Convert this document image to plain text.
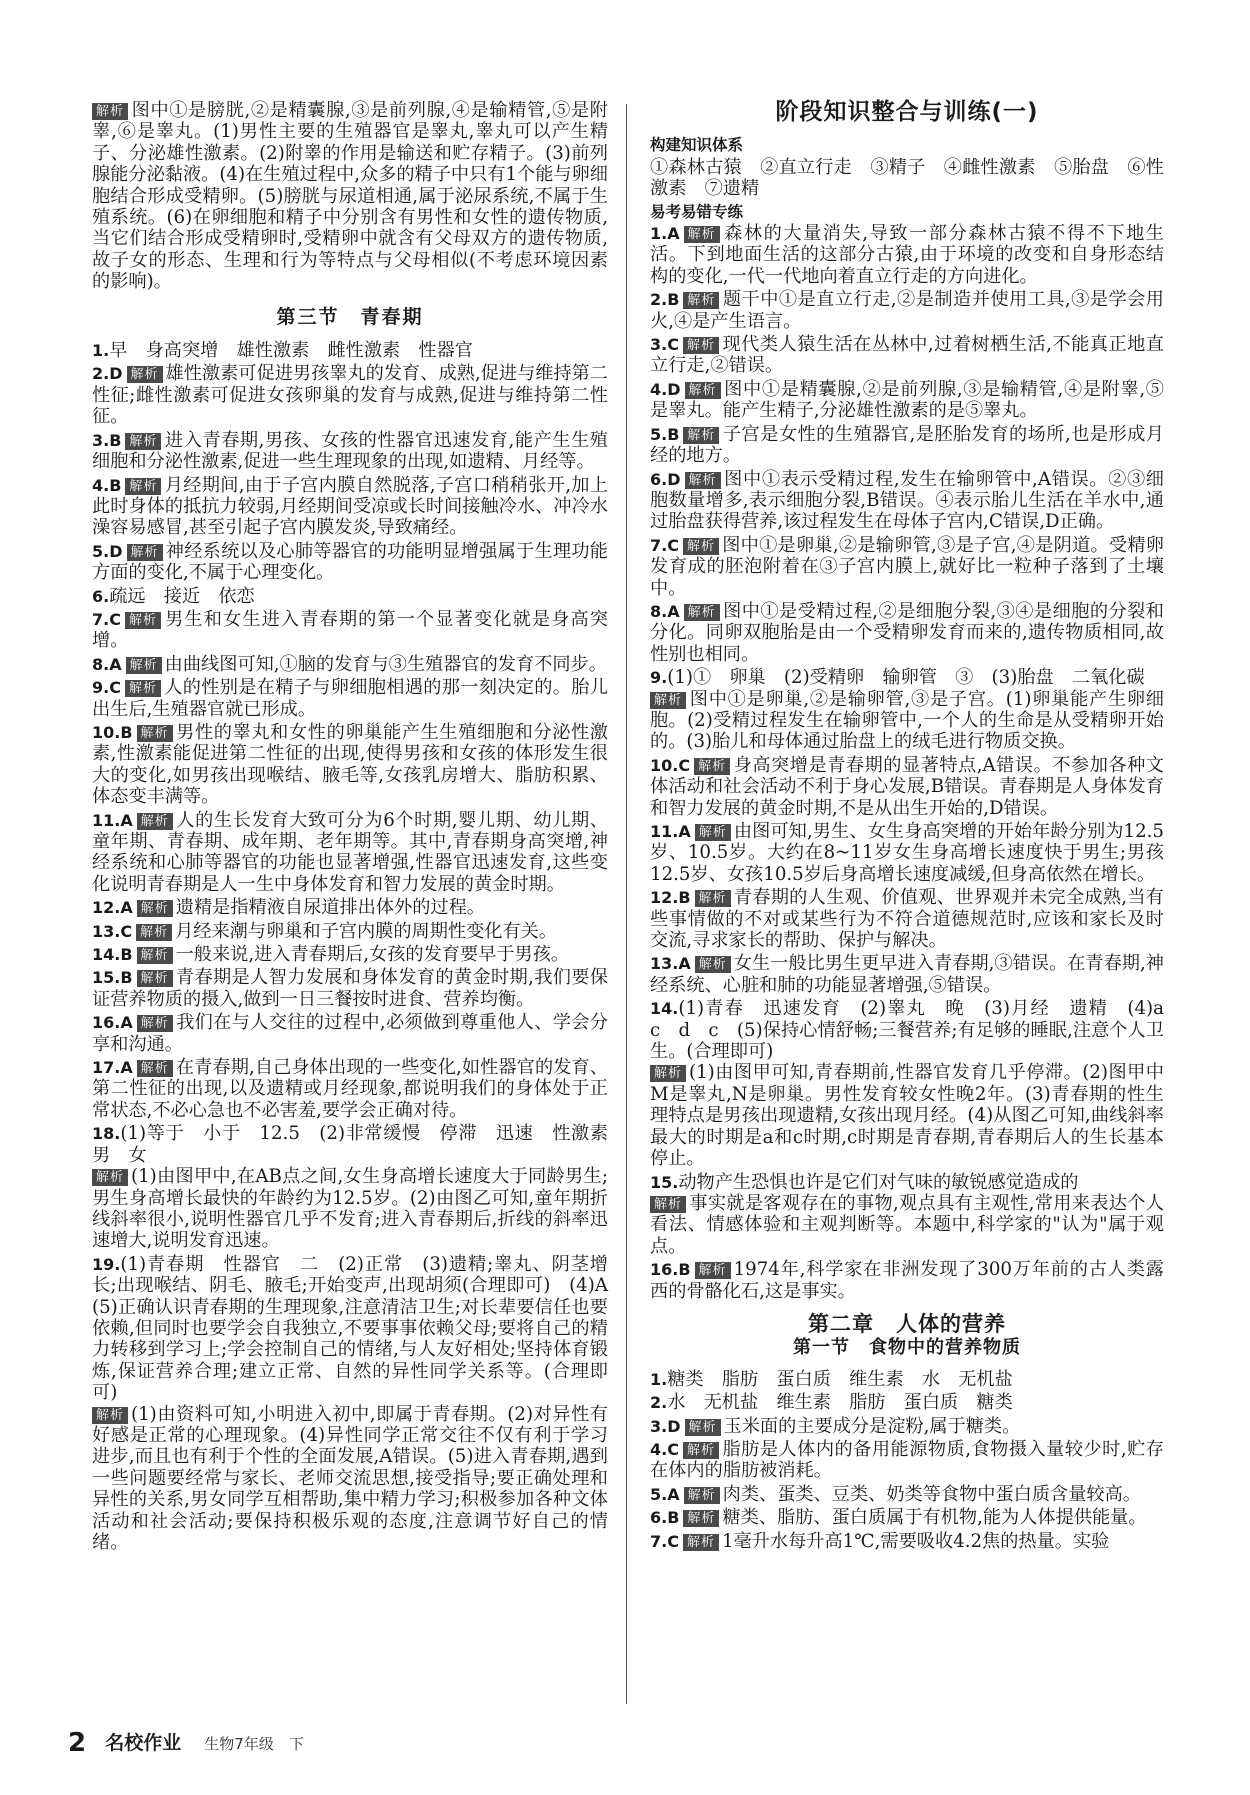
解析 图中①是膀胱,②是精囊腺,③是前列腺,④是输精管,⑤是附睾,⑥是睾丸。(1)男性主要的生殖器官是睾丸,睾丸可以产生精子、分泌雄性激素。(2)附睾的作用是输送和贮存精子。(3)前列腺能分泌黏液。(4)在生殖过程中,众多的精子中只有1个能与卵细胞结合形成受精卵。(5)膀胱与尿道相通,属于泌尿系统,不属于生殖系统。(6)在卵细胞和精子中分别含有男性和女性的遗传物质,当它们结合形成受精卵时,受精卵中就含有父母双方的遗传物质,故子女的形态、生理和行为等特点与父母相似(不考虑环境因素的影响)。

第三节　青春期

1.早　身高突增　雄性激素　雌性激素　性器官

2.D 解析 雄性激素可促进男孩睾丸的发育、成熟,促进与维持第二性征;雌性激素可促进女孩卵巢的发育与成熟,促进与维持第二性征。

3.B 解析 进入青春期,男孩、女孩的性器官迅速发育,能产生生殖细胞和分泌性激素,促进一些生理现象的出现,如遗精、月经等。

4.B 解析 月经期间,由于子宫内膜自然脱落,子宫口稍稍张开,加上此时身体的抵抗力较弱,月经期间受凉或长时间接触冷水、冲冷水澡容易感冒,甚至引起子宫内膜发炎,导致痛经。

5.D 解析 神经系统以及心肺等器官的功能明显增强属于生理功能方面的变化,不属于心理变化。

6.疏远　接近　依恋

7.C 解析 男生和女生进入青春期的第一个显著变化就是身高突增。

8.A 解析 由曲线图可知,①脑的发育与③生殖器官的发育不同步。

9.C 解析 人的性别是在精子与卵细胞相遇的那一刻决定的。胎儿出生后,生殖器官就已形成。

10.B 解析 男性的睾丸和女性的卵巢能产生生殖细胞和分泌性激素,性激素能促进第二性征的出现,使得男孩和女孩的体形发生很大的变化,如男孩出现喉结、腋毛等,女孩乳房增大、脂肪积累、体态变丰满等。

11.A 解析 人的生长发育大致可分为6个时期,婴儿期、幼儿期、童年期、青春期、成年期、老年期等。其中,青春期身高突增,神经系统和心肺等器官的功能也显著增强,性器官迅速发育,这些变化说明青春期是人一生中身体发育和智力发展的黄金时期。

12.A 解析 遗精是指精液自尿道排出体外的过程。

13.C 解析 月经来潮与卵巢和子宫内膜的周期性变化有关。

14.B 解析 一般来说,进入青春期后,女孩的发育要早于男孩。

15.B 解析 青春期是人智力发展和身体发育的黄金时期,我们要保证营养物质的摄入,做到一日三餐按时进食、营养均衡。

16.A 解析 我们在与人交往的过程中,必须做到尊重他人、学会分享和沟通。

17.A 解析 在青春期,自己身体出现的一些变化,如性器官的发育、第二性征的出现,以及遗精或月经现象,都说明我们的身体处于正常状态,不必心急也不必害羞,要学会正确对待。

18.(1)等于　小于　12.5　(2)非常缓慢　停滞　迅速　性激素　男　女
解析 (1)由图甲中,在AB点之间,女生身高增长速度大于同龄男生;男生身高增长最快的年龄约为12.5岁。(2)由图乙可知,童年期折线斜率很小,说明性器官几乎不发育;进入青春期后,折线的斜率迅速增大,说明发育迅速。

19.(1)青春期　性器官　二　(2)正常　(3)遗精;睾丸、阴茎增长;出现喉结、阴毛、腋毛;开始变声,出现胡须(合理即可)　(4)A　(5)正确认识青春期的生理现象,注意清洁卫生;对长辈要信任也要依赖,但同时也要学会自我独立,不要事事依赖父母;要将自己的精力转移到学习上;学会控制自己的情绪,与人友好相处;坚持体育锻炼,保证营养合理;建立正常、自然的异性同学关系等。(合理即可)
解析 (1)由资料可知,小明进入初中,即属于青春期。(2)对异性有好感是正常的心理现象。(4)异性同学正常交往不仅有利于学习进步,而且也有利于个性的全面发展,A错误。(5)进入青春期,遇到一些问题要经常与家长、老师交流思想,接受指导;要正确处理和异性的关系,男女同学互相帮助,集中精力学习;积极参加各种文体活动和社会活动;要保持积极乐观的态度,注意调节好自己的情绪。

阶段知识整合与训练(一)
构建知识体系

①森林古猿　②直立行走　③精子　④雌性激素　⑤胎盘　⑥性激素　⑦遗精

易考易错专练

1.A 解析 森林的大量消失,导致一部分森林古猿不得不下地生活。下到地面生活的这部分古猿,由于环境的改变和自身形态结构的变化,一代一代地向着直立行走的方向进化。

2.B 解析 题干中①是直立行走,②是制造并使用工具,③是学会用火,④是产生语言。

3.C 解析 现代类人猿生活在丛林中,过着树栖生活,不能真正地直立行走,②错误。

4.D 解析 图中①是精囊腺,②是前列腺,③是输精管,④是附睾,⑤是睾丸。能产生精子,分泌雄性激素的是⑤睾丸。

5.B 解析 子宫是女性的生殖器官,是胚胎发育的场所,也是形成月经的地方。

6.D 解析 图中①表示受精过程,发生在输卵管中,A错误。②③细胞数量增多,表示细胞分裂,B错误。④表示胎儿生活在羊水中,通过胎盘获得营养,该过程发生在母体子宫内,C错误,D正确。

7.C 解析 图中①是卵巢,②是输卵管,③是子宫,④是阴道。受精卵发育成的胚泡附着在③子宫内膜上,就好比一粒种子落到了土壤中。

8.A 解析 图中①是受精过程,②是细胞分裂,③④是细胞的分裂和分化。同卵双胞胎是由一个受精卵发育而来的,遗传物质相同,故性别也相同。

9.(1)①　卵巢　(2)受精卵　输卵管　③　(3)胎盘　二氧化碳
解析 图中①是卵巢,②是输卵管,③是子宫。(1)卵巢能产生卵细胞。(2)受精过程发生在输卵管中,一个人的生命是从受精卵开始的。(3)胎儿和母体通过胎盘上的绒毛进行物质交换。

10.C 解析 身高突增是青春期的显著特点,A错误。不参加各种文体活动和社会活动不利于身心发展,B错误。青春期是人身体发育和智力发展的黄金时期,不是从出生开始的,D错误。

11.A 解析 由图可知,男生、女生身高突增的开始年龄分别为12.5岁、10.5岁。大约在8~11岁女生身高增长速度快于男生;男孩12.5岁、女孩10.5岁后身高增长速度减缓,但身高依然在增长。

12.B 解析 青春期的人生观、价值观、世界观并未完全成熟,当有些事情做的不对或某些行为不符合道德规范时,应该和家长及时交流,寻求家长的帮助、保护与解决。

13.A 解析 女生一般比男生更早进入青春期,③错误。在青春期,神经系统、心脏和肺的功能显著增强,⑤错误。

14.(1)青春　迅速发育　(2)睾丸　晚　(3)月经　遗精　(4)a　c　d　c　(5)保持心情舒畅;三餐营养;有足够的睡眠,注意个人卫生。(合理即可)
解析 (1)由图甲可知,青春期前,性器官发育几乎停滞。(2)图甲中M是睾丸,N是卵巢。男性发育较女性晚2年。(3)青春期的性生理特点是男孩出现遗精,女孩出现月经。(4)从图乙可知,曲线斜率最大的时期是a和c时期,c时期是青春期,青春期后人的生长基本停止。

15.动物产生恐惧也许是它们对气味的敏锐感觉造成的
解析 事实就是客观存在的事物,观点具有主观性,常用来表达个人看法、情感体验和主观判断等。本题中,科学家的"认为"属于观点。

16.B 解析 1974年,科学家在非洲发现了300万年前的古人类露西的骨骼化石,这是事实。

第二章　人体的营养
第一节　食物中的营养物质

1.糖类　脂肪　蛋白质　维生素　水　无机盐

2.水　无机盐　维生素　脂肪　蛋白质　糖类

3.D 解析 玉米面的主要成分是淀粉,属于糖类。

4.C 解析 脂肪是人体内的备用能源物质,食物摄入量较少时,贮存在体内的脂肪被消耗。

5.A 解析 肉类、蛋类、豆类、奶类等食物中蛋白质含量较高。

6.B 解析 糖类、脂肪、蛋白质属于有机物,能为人体提供能量。

7.C 解析 1毫升水每升高1℃,需要吸收4.2焦的热量。实验

2 名校作业 生物7年级 下
